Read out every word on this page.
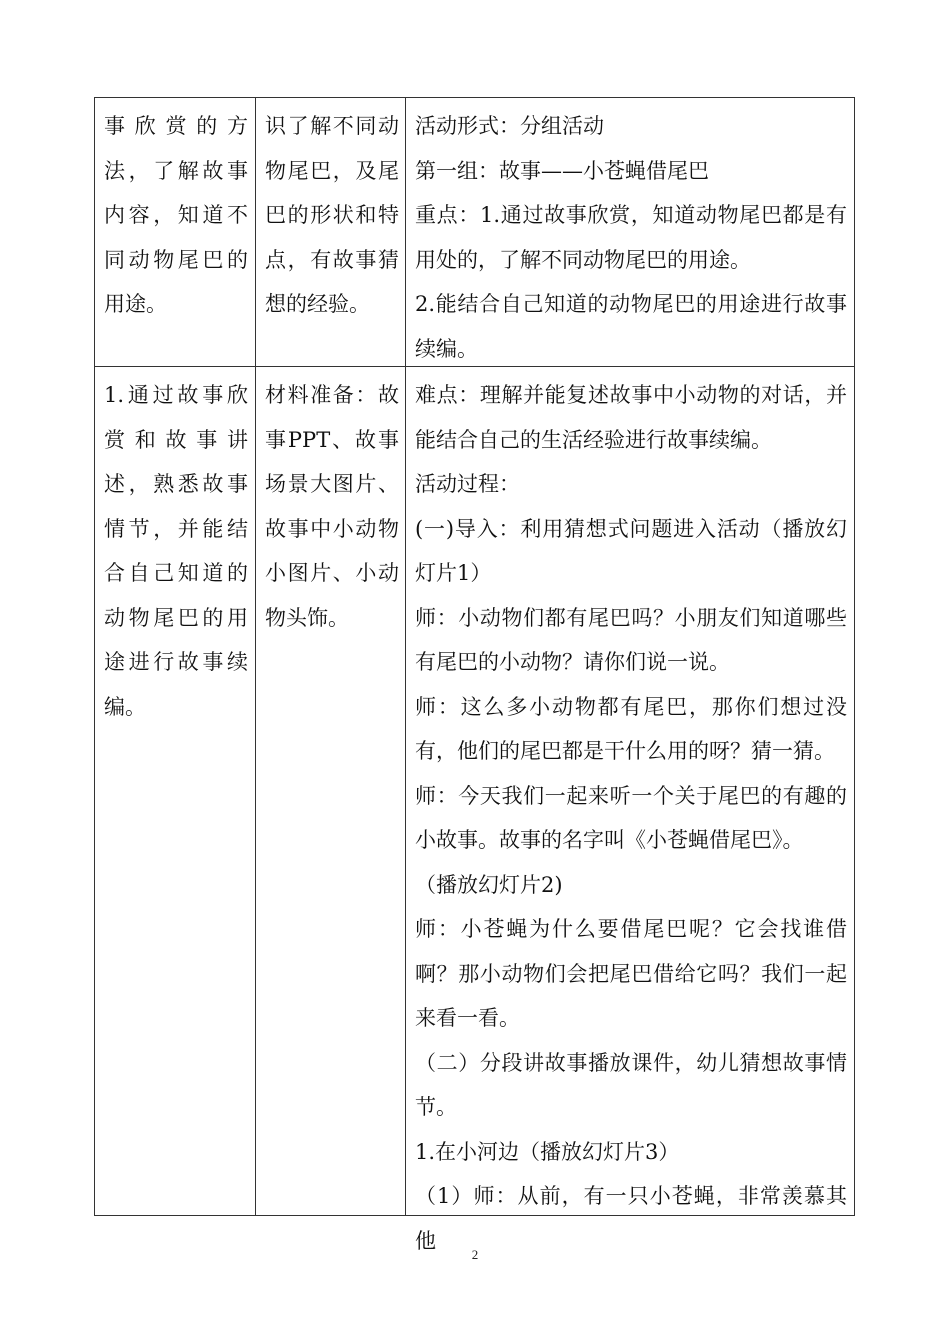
事欣赏的方法，了解故事内容，知道不同动物尾巴的用途。

识了解不同动物尾巴，及尾巴的形状和特点，有故事猜想的经验。

活动形式：分组活动

第一组：故事——小苍蝇借尾巴

重点：1.通过故事欣赏，知道动物尾巴都是有用处的，了解不同动物尾巴的用途。

2.能结合自己知道的动物尾巴的用途进行故事续编。

1.通过故事欣赏和故事讲述，熟悉故事情节，并能结合自己知道的动物尾巴的用途进行故事续编。

材料准备：故事PPT、故事场景大图片、故事中小动物小图片、小动物头饰。

难点：理解并能复述故事中小动物的对话，并能结合自己的生活经验进行故事续编。

活动过程：

(一)导入：利用猜想式问题进入活动（播放幻灯片1）

师：小动物们都有尾巴吗？小朋友们知道哪些有尾巴的小动物？请你们说一说。

师：这么多小动物都有尾巴，那你们想过没有，他们的尾巴都是干什么用的呀？猜一猜。

师：今天我们一起来听一个关于尾巴的有趣的小故事。故事的名字叫《小苍蝇借尾巴》。

（播放幻灯片2)

师：小苍蝇为什么要借尾巴呢？它会找谁借啊？那小动物们会把尾巴借给它吗？我们一起来看一看。

（二）分段讲故事播放课件，幼儿猜想故事情节。

1.在小河边（播放幻灯片3）

（1）师：从前，有一只小苍蝇，非常羡慕其他

2
